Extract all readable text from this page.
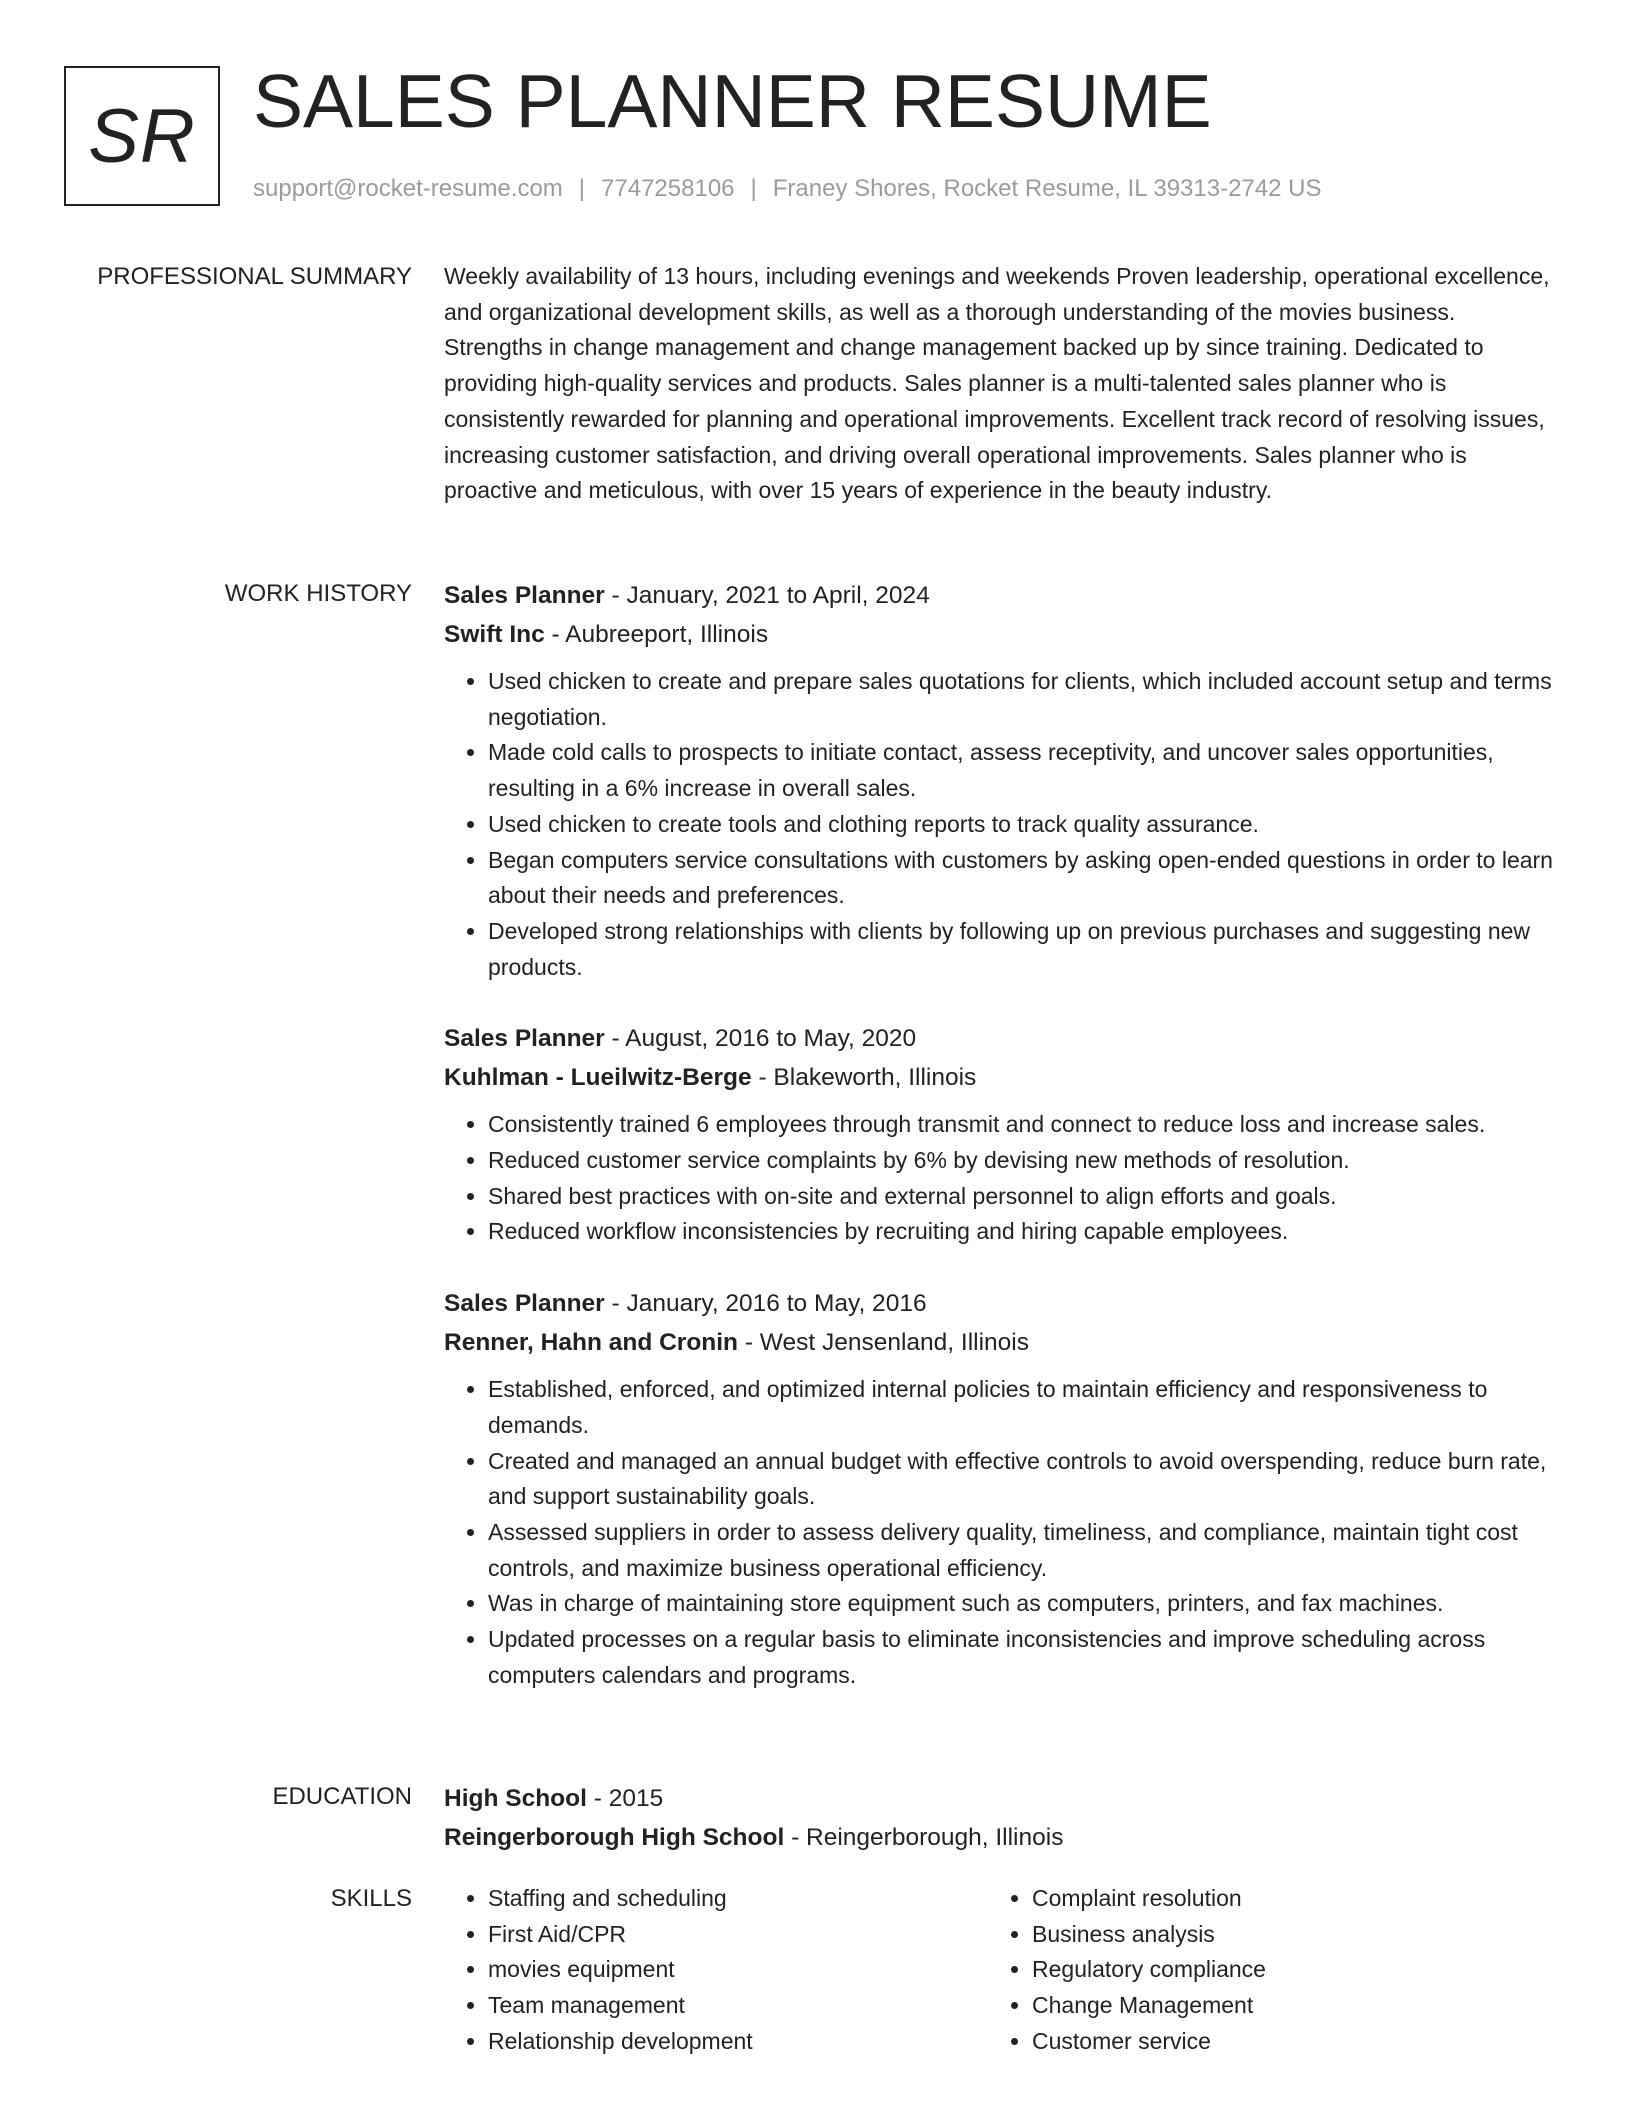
SR SALES PLANNER RESUME
support@rocket-resume.com | 7747258106 | Franey Shores, Rocket Resume, IL 39313-2742 US
PROFESSIONAL SUMMARY Weekly availability of 13 hours, including evenings and weekends Proven leadership, operational excellence, and organizational development skills, as well as a thorough understanding of the movies business. Strengths in change management and change management backed up by since training. Dedicated to providing high-quality services and products. Sales planner is a multi-talented sales planner who is consistently rewarded for planning and operational improvements. Excellent track record of resolving issues, increasing customer satisfaction, and driving overall operational improvements. Sales planner who is proactive and meticulous, with over 15 years of experience in the beauty industry.

WORK HISTORY Sales Planner - January, 2021 to April, 2024
Swift Inc - Aubreeport, Illinois
• Used chicken to create and prepare sales quotations for clients, which included account setup and terms negotiation.
• Made cold calls to prospects to initiate contact, assess receptivity, and uncover sales opportunities, resulting in a 6% increase in overall sales.
• Used chicken to create tools and clothing reports to track quality assurance.
• Began computers service consultations with customers by asking open-ended questions in order to learn about their needs and preferences.
• Developed strong relationships with clients by following up on previous purchases and suggesting new products.
Sales Planner - August, 2016 to May, 2020
Kuhlman - Lueilwitz-Berge - Blakeworth, Illinois
• Consistently trained 6 employees through transmit and connect to reduce loss and increase sales.
• Reduced customer service complaints by 6% by devising new methods of resolution.
• Shared best practices with on-site and external personnel to align efforts and goals.
• Reduced workflow inconsistencies by recruiting and hiring capable employees.
Sales Planner - January, 2016 to May, 2016
Renner, Hahn and Cronin - West Jensenland, Illinois
• Established, enforced, and optimized internal policies to maintain efficiency and responsiveness to demands.
• Created and managed an annual budget with effective controls to avoid overspending, reduce burn rate, and support sustainability goals.
• Assessed suppliers in order to assess delivery quality, timeliness, and compliance, maintain tight cost controls, and maximize business operational efficiency.
• Was in charge of maintaining store equipment such as computers, printers, and fax machines.
• Updated processes on a regular basis to eliminate inconsistencies and improve scheduling across computers calendars and programs.
EDUCATION High School - 2015
Reingerborough High School - Reingerborough, Illinois
SKILLS
•	Staffing and scheduling
• First Aid/CPR
• movies equipment
• Team management
• Relationship development
• Complaint resolution
• Business analysis
• Regulatory compliance
• Change Management
• Customer service
